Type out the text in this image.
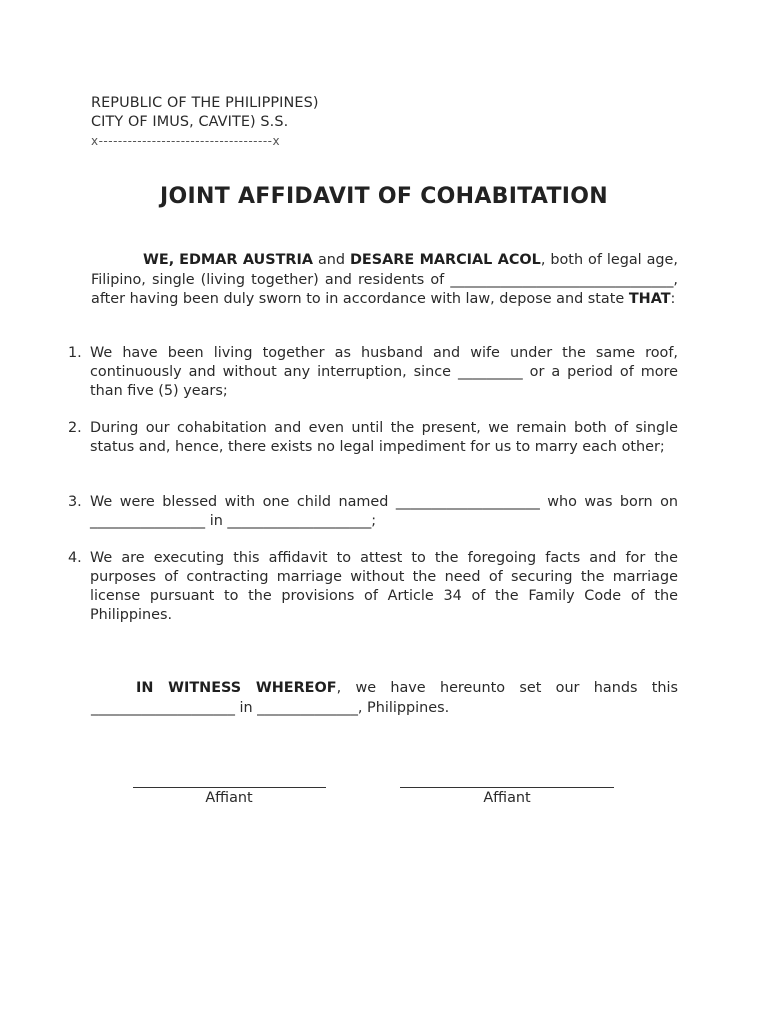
REPUBLIC OF THE PHILIPPINES)
CITY OF IMUS, CAVITE) S.S.
x------------------------------------x
JOINT AFFIDAVIT OF COHABITATION
WE, EDMAR AUSTRIA and DESARE MARCIAL ACOL, both of legal age, Filipino, single (living together) and residents of _______________________________, after having been duly sworn to in accordance with law, depose and state THAT:
1. We have been living together as husband and wife under the same roof, continuously and without any interruption, since _________ or a period of more than five (5) years;
2. During our cohabitation and even until the present, we remain both of single status and, hence, there exists no legal impediment for us to marry each other;
3. We were blessed with one child named ____________________ who was born on ________________ in ____________________;
4. We are executing this affidavit to attest to the foregoing facts and for the purposes of contracting marriage without the need of securing the marriage license pursuant to the provisions of Article 34 of the Family Code of the Philippines.
IN WITNESS WHEREOF, we have hereunto set our hands this ____________________ in ______________, Philippines.
Affiant	Affiant
